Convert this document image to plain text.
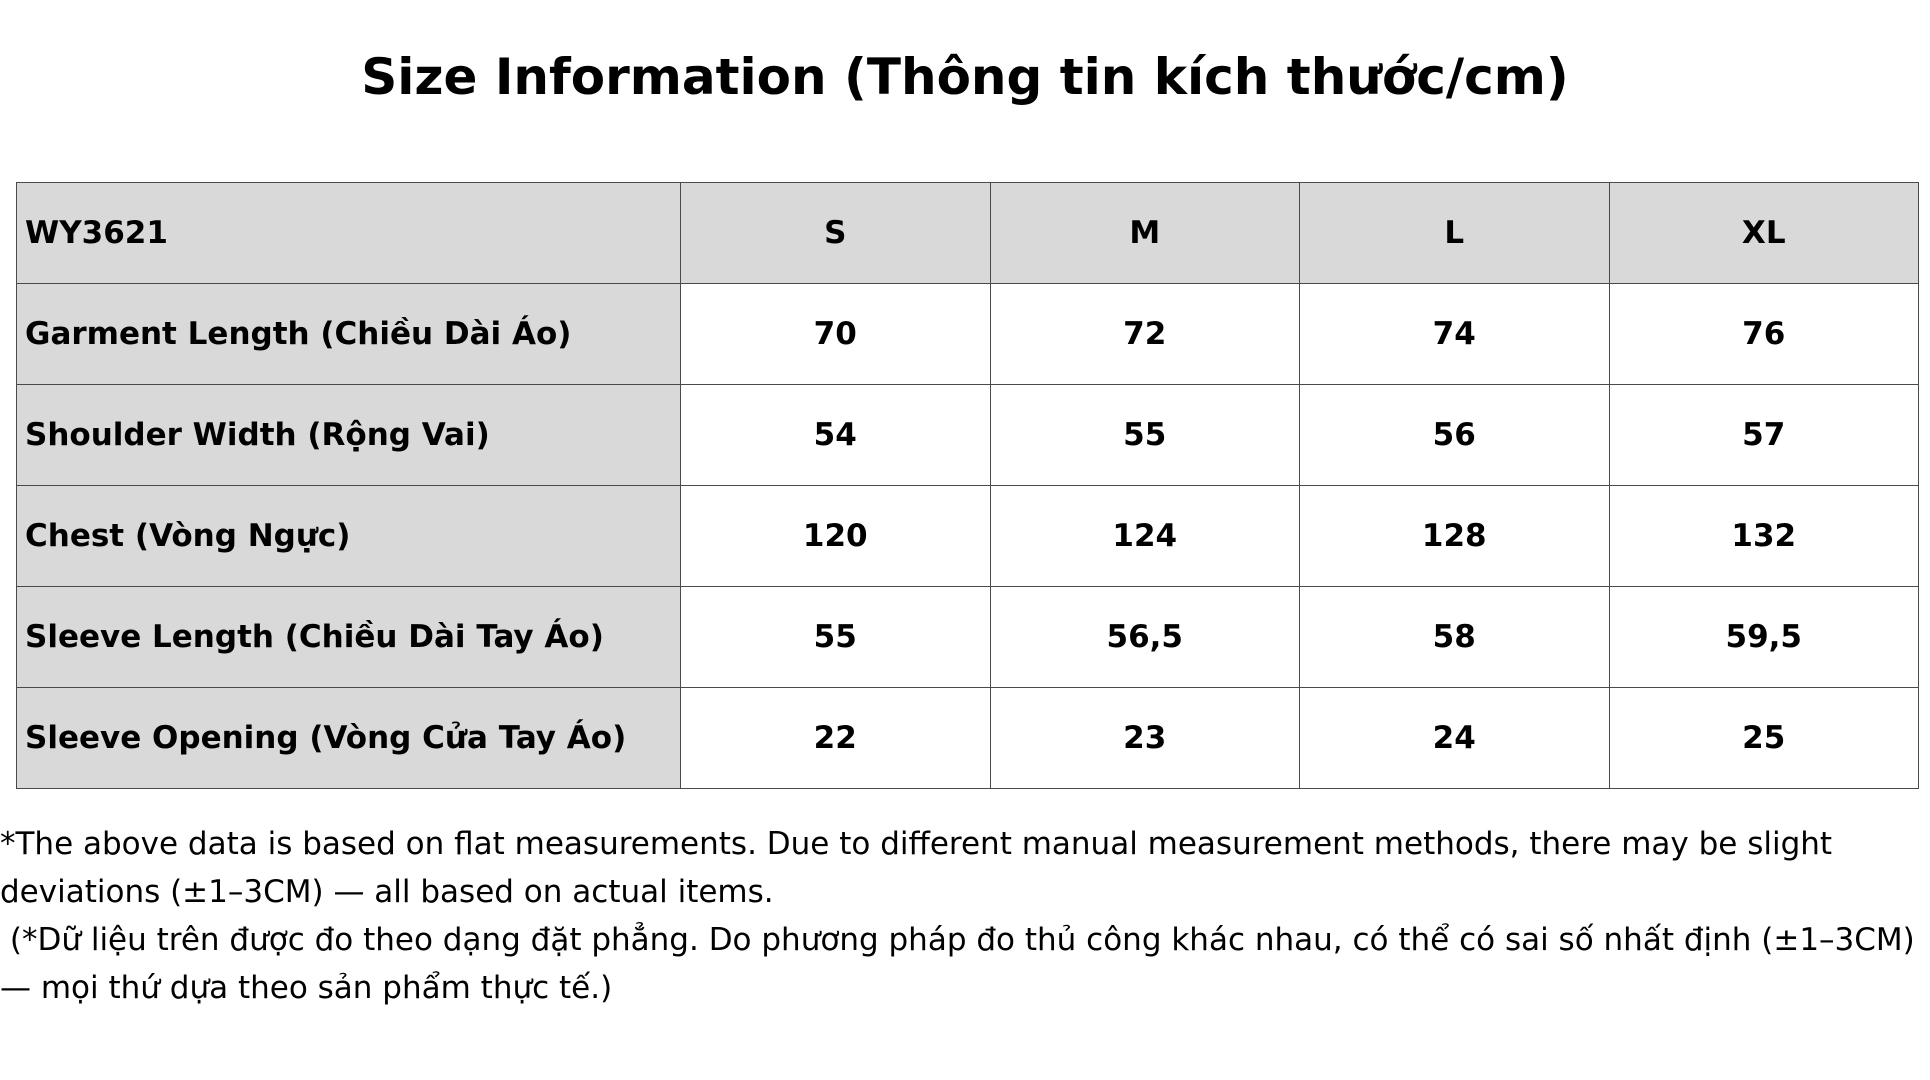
Size Information (Thông tin kích thước/cm)
WY3621	S	M	L	XL
Garment Length (Chiều Dài Áo)	70	72	74	76
Shoulder Width (Rộng Vai)	54	55	56	57
Chest (Vòng Ngực)	120	124	128	132
Sleeve Length (Chiều Dài Tay Áo)	55	56,5	58	59,5
Sleeve Opening (Vòng Cửa Tay Áo)	22	23	24	25

*The above data is based on flat measurements. Due to different manual measurement methods, there may be slight deviations (±1–3CM) — all based on actual items.

(*Dữ liệu trên được đo theo dạng đặt phẳng. Do phương pháp đo thủ công khác nhau, có thể có sai số nhất định (±1–3CM) — mọi thứ dựa theo sản phẩm thực tế.)
